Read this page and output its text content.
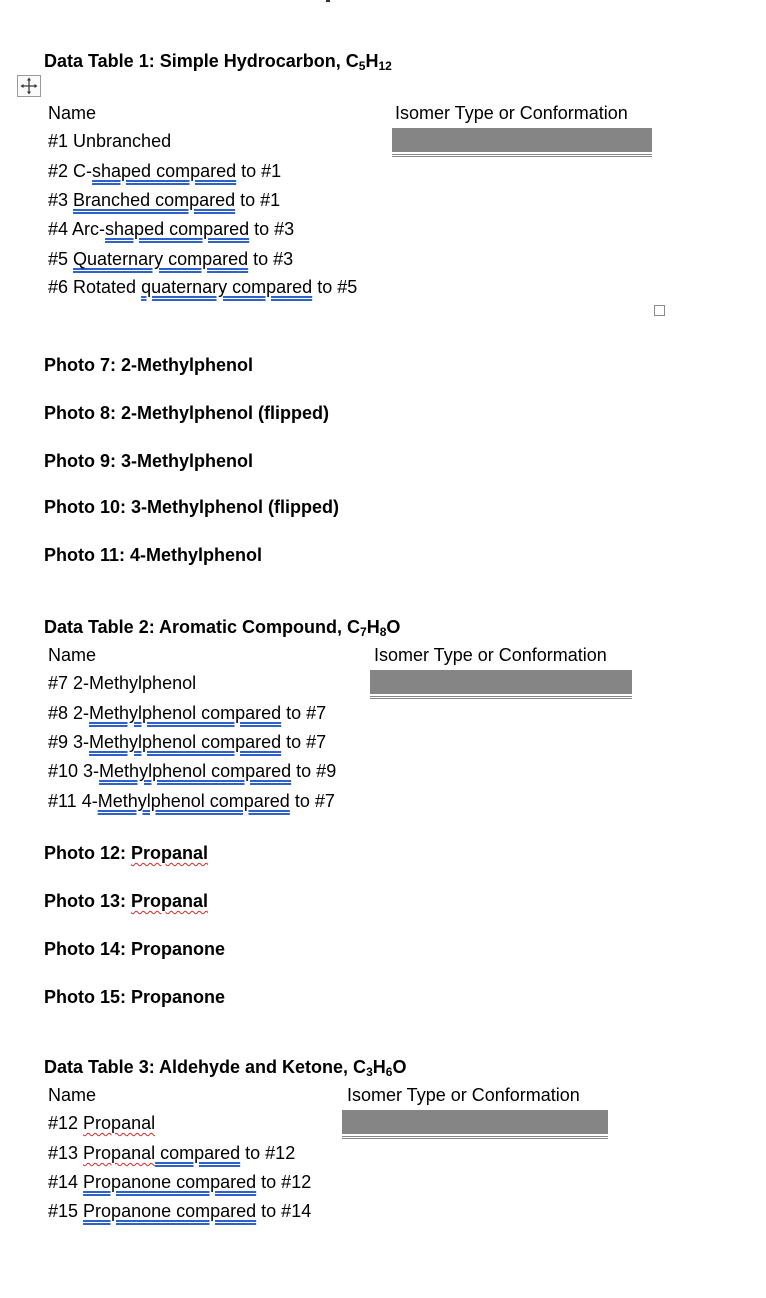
Data Table 1: Simple Hydrocarbon, $C_5H_{12}$
Name	Isomer Type or Conformation
#1 Unbranched
#2 C-shaped compared to #1
#3 Branched compared to #1
#4 Arc-shaped compared to #3
#5 Quaternary compared to #3
#6 Rotated quaternary compared to #5
Photo 7: 2-Methylphenol
Photo 8: 2-Methylphenol (flipped)
Photo 9: 3-Methylphenol
Photo 10: 3-Methylphenol (flipped)
Photo 11: 4-Methylphenol
Data Table 2: Aromatic Compound, $C_7H_8O$
Name	Isomer Type or Conformation
#7 2-Methylphenol
#8 2-Methylphenol compared to #7
#9 3-Methylphenol compared to #7
#10 3-Methylphenol compared to #9
#11 4-Methylphenol compared to #7
Photo 12: Propanal
Photo 13: Propanal
Photo 14: Propanone
Photo 15: Propanone
Data Table 3: Aldehyde and Ketone, $C_3H_6O$
Name	Isomer Type or Conformation
#12 Propanal
#13 Propanal compared to #12
#14 Propanone compared to #12
#15 Propanone compared to #14
